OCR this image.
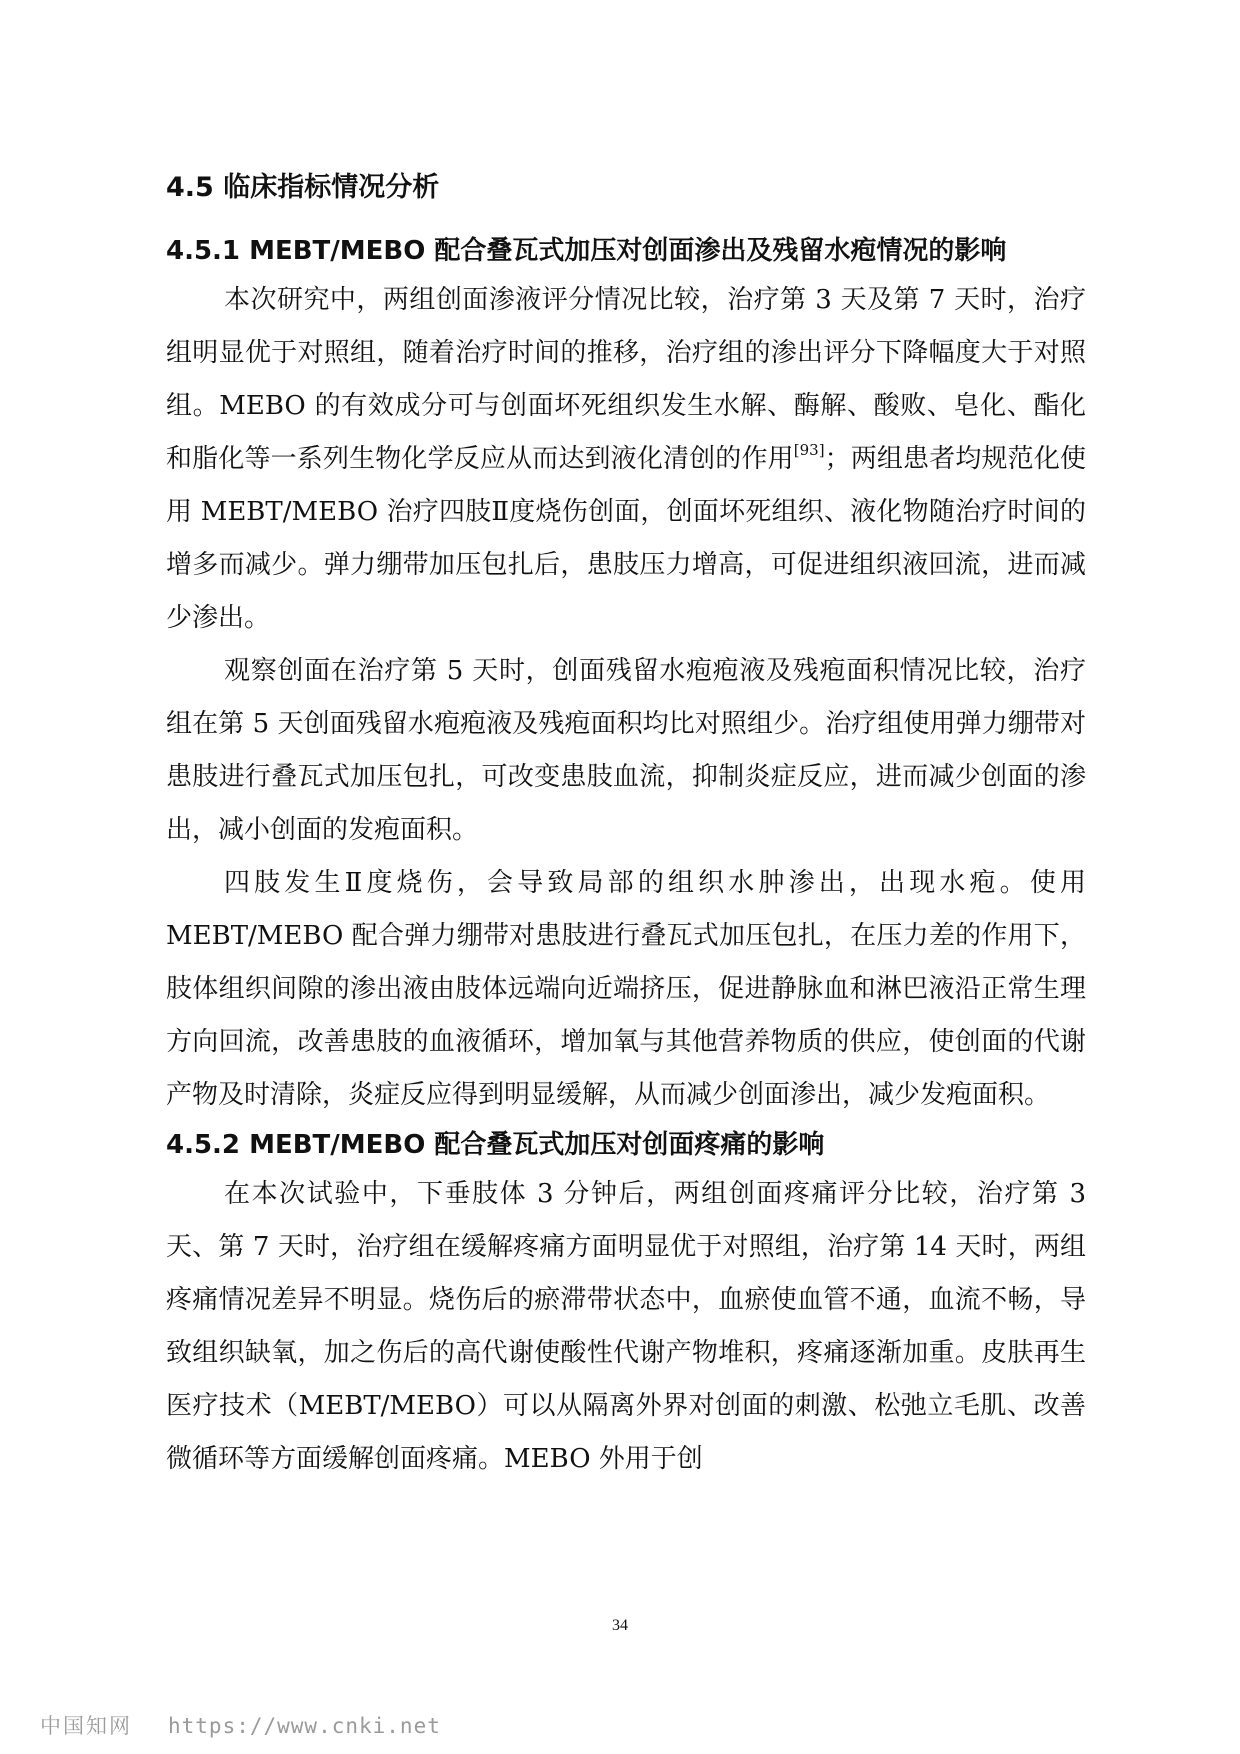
4.5 临床指标情况分析
4.5.1 MEBT/MEBO 配合叠瓦式加压对创面渗出及残留水疱情况的影响

本次研究中，两组创面渗液评分情况比较，治疗第 3 天及第 7 天时，治疗组明显优于对照组，随着治疗时间的推移，治疗组的渗出评分下降幅度大于对照组。MEBO 的有效成分可与创面坏死组织发生水解、酶解、酸败、皂化、酯化和脂化等一系列生物化学反应从而达到液化清创的作用[93]；两组患者均规范化使用 MEBT/MEBO 治疗四肢Ⅱ度烧伤创面，创面坏死组织、液化物随治疗时间的增多而减少。弹力绷带加压包扎后，患肢压力增高，可促进组织液回流，进而减少渗出。

观察创面在治疗第 5 天时，创面残留水疱疱液及残疱面积情况比较，治疗组在第 5 天创面残留水疱疱液及残疱面积均比对照组少。治疗组使用弹力绷带对患肢进行叠瓦式加压包扎，可改变患肢血流，抑制炎症反应，进而减少创面的渗出，减小创面的发疱面积。

四肢发生Ⅱ度烧伤，会导致局部的组织水肿渗出，出现水疱。使用 MEBT/MEBO 配合弹力绷带对患肢进行叠瓦式加压包扎，在压力差的作用下，肢体组织间隙的渗出液由肢体远端向近端挤压，促进静脉血和淋巴液沿正常生理方向回流，改善患肢的血液循环，增加氧与其他营养物质的供应，使创面的代谢产物及时清除，炎症反应得到明显缓解，从而减少创面渗出，减少发疱面积。

4.5.2 MEBT/MEBO 配合叠瓦式加压对创面疼痛的影响

在本次试验中，下垂肢体 3 分钟后，两组创面疼痛评分比较，治疗第 3 天、第 7 天时，治疗组在缓解疼痛方面明显优于对照组，治疗第 14 天时，两组疼痛情况差异不明显。烧伤后的瘀滞带状态中，血瘀使血管不通，血流不畅，导致组织缺氧，加之伤后的高代谢使酸性代谢产物堆积，疼痛逐渐加重。皮肤再生医疗技术（MEBT/MEBO）可以从隔离外界对创面的刺激、松弛立毛肌、改善微循环等方面缓解创面疼痛。MEBO 外用于创

34
中国知网 https://www.cnki.net
